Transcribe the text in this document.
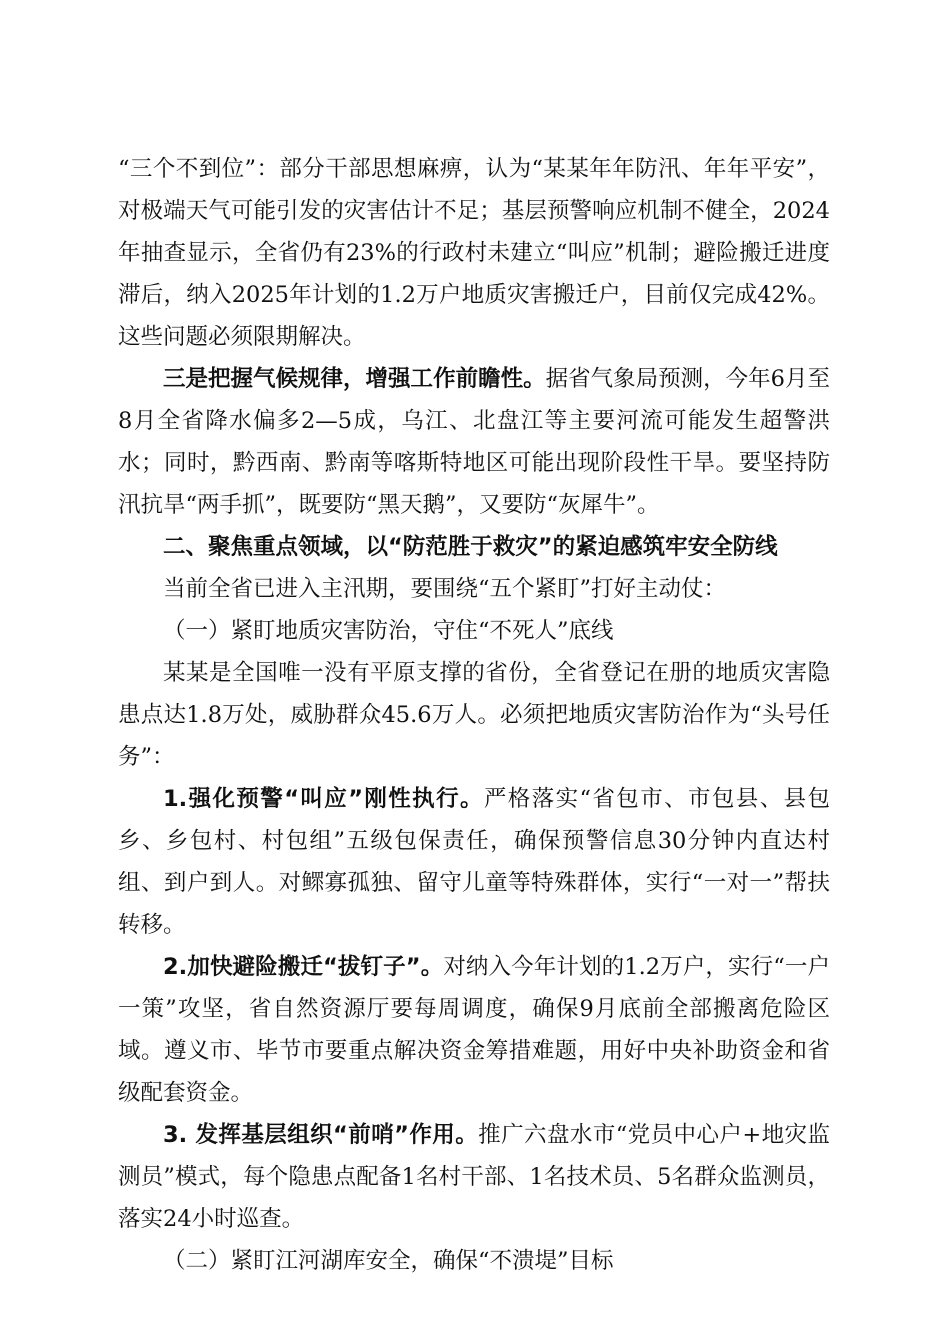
“三个不到位”：部分干部思想麻痹，认为“某某年年防汛、年年平安”，对极端天气可能引发的灾害估计不足；基层预警响应机制不健全，2024年抽查显示，全省仍有23%的行政村未建立“叫应”机制；避险搬迁进度滞后，纳入2025年计划的1.2万户地质灾害搬迁户，目前仅完成42%。这些问题必须限期解决。

三是把握气候规律，增强工作前瞻性。据省气象局预测，今年6月至8月全省降水偏多2—5成，乌江、北盘江等主要河流可能发生超警洪水；同时，黔西南、黔南等喀斯特地区可能出现阶段性干旱。要坚持防汛抗旱“两手抓”，既要防“黑天鹅”，又要防“灰犀牛”。

二、聚焦重点领域，以“防范胜于救灾”的紧迫感筑牢安全防线

当前全省已进入主汛期，要围绕“五个紧盯”打好主动仗：

（一）紧盯地质灾害防治，守住“不死人”底线

某某是全国唯一没有平原支撑的省份，全省登记在册的地质灾害隐患点达1.8万处，威胁群众45.6万人。必须把地质灾害防治作为“头号任务”：

1.强化预警“叫应”刚性执行。严格落实“省包市、市包县、县包乡、乡包村、村包组”五级包保责任，确保预警信息30分钟内直达村组、到户到人。对鳏寡孤独、留守儿童等特殊群体，实行“一对一”帮扶转移。

2.加快避险搬迁“拔钉子”。对纳入今年计划的1.2万户，实行“一户一策”攻坚，省自然资源厅要每周调度，确保9月底前全部搬离危险区域。遵义市、毕节市要重点解决资金筹措难题，用好中央补助资金和省级配套资金。

3. 发挥基层组织“前哨”作用。推广六盘水市“党员中心户+地灾监测员”模式，每个隐患点配备1名村干部、1名技术员、5名群众监测员，落实24小时巡查。

（二）紧盯江河湖库安全，确保“不溃堤”目标
